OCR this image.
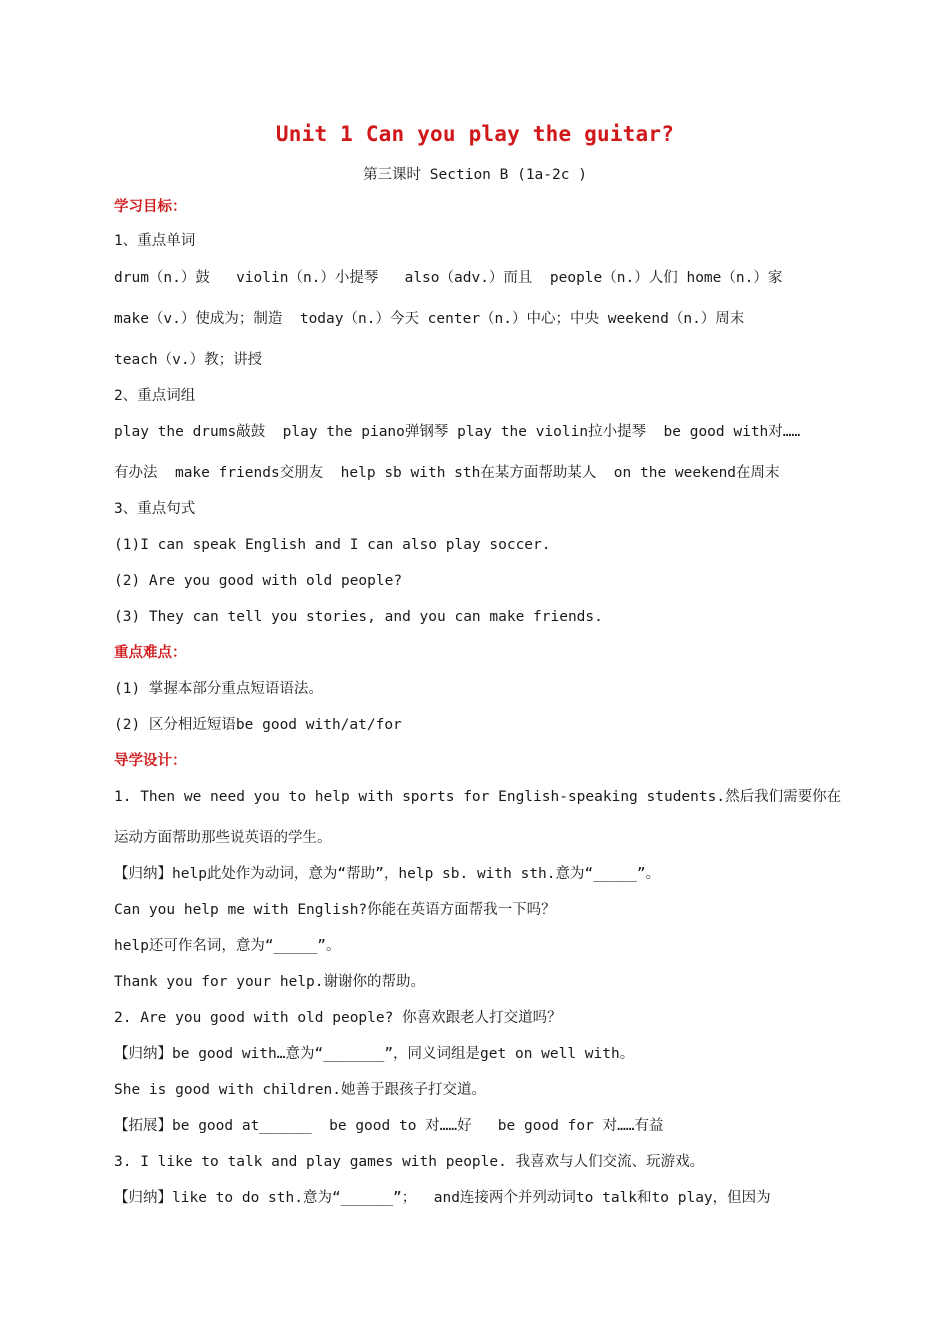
Unit 1 Can you play the guitar?
第三课时 Section B (1a-2c )
学习目标：
1、重点单词
drum（n.）鼓   violin（n.）小提琴   also（adv.）而且  people（n.）人们 home（n.）家
make（v.）使成为；制造  today（n.）今天 center（n.）中心；中央 weekend（n.）周末
teach（v.）教；讲授
2、重点词组
play the drums敲鼓  play the piano弹钢琴 play the violin拉小提琴  be good with对……
有办法  make friends交朋友  help sb with sth在某方面帮助某人  on the weekend在周末
3、重点句式
(1)I can speak English and I can also play soccer.
(2) Are you good with old people?
(3) They can tell you stories, and you can make friends.
重点难点：
(1) 掌握本部分重点短语语法。
(2) 区分相近短语be good with/at/for
导学设计：
1. Then we need you to help with sports for English-speaking students.然后我们需要你在
运动方面帮助那些说英语的学生。
【归纳】help此处作为动词，意为“帮助”，help sb. with sth.意为“_____”。
Can you help me with English?你能在英语方面帮我一下吗？
help还可作名词，意为“_____”。
Thank you for your help.谢谢你的帮助。
2. Are you good with old people? 你喜欢跟老人打交道吗？
【归纳】be good with…意为“_______”，同义词组是get on well with。
She is good with children.她善于跟孩子打交道。
【拓展】be good at______  be good to 对……好   be good for 对……有益
3. I like to talk and play games with people. 我喜欢与人们交流、玩游戏。
【归纳】like to do sth.意为“______”；  and连接两个并列动词to talk和to play，但因为
